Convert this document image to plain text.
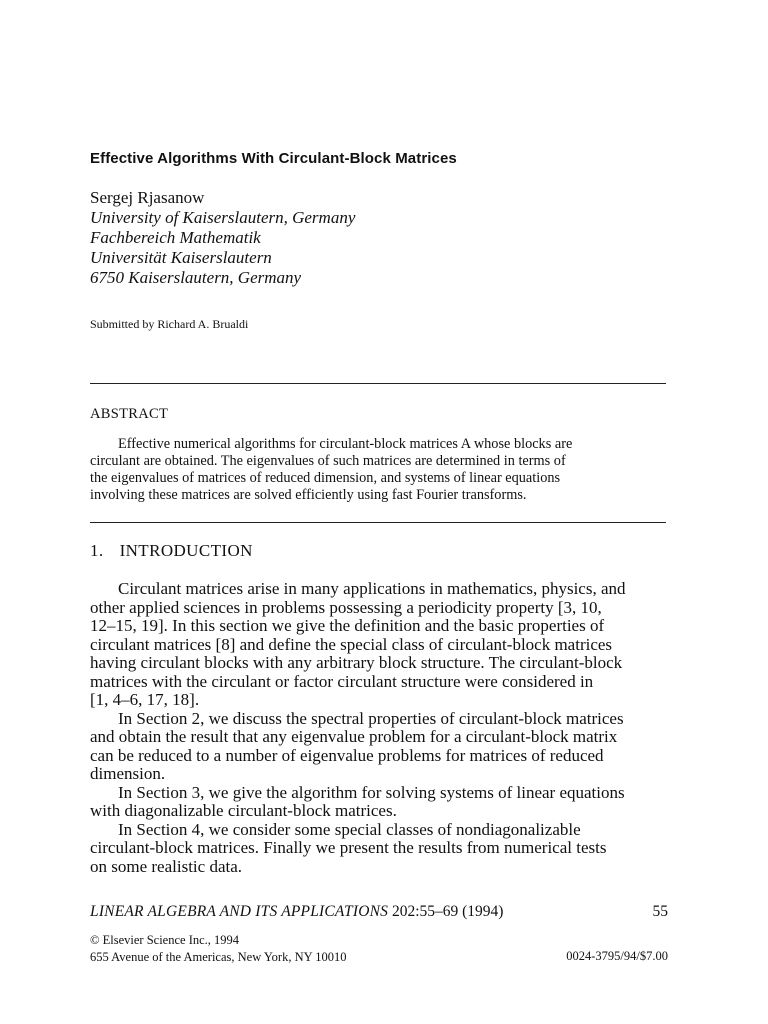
Effective Algorithms With Circulant-Block Matrices
Sergej Rjasanow
University of Kaiserslautern, Germany
Fachbereich Mathematik
Universität Kaiserslautern
6750 Kaiserslautern, Germany
Submitted by Richard A. Brualdi
ABSTRACT
Effective numerical algorithms for circulant-block matrices A whose blocks are
circulant are obtained. The eigenvalues of such matrices are determined in terms of
the eigenvalues of matrices of reduced dimension, and systems of linear equations
involving these matrices are solved efficiently using fast Fourier transforms.
1. INTRODUCTION
Circulant matrices arise in many applications in mathematics, physics, and
other applied sciences in problems possessing a periodicity property [3, 10,
12–15, 19]. In this section we give the definition and the basic properties of
circulant matrices [8] and define the special class of circulant-block matrices
having circulant blocks with any arbitrary block structure. The circulant-block
matrices with the circulant or factor circulant structure were considered in
[1, 4–6, 17, 18].
In Section 2, we discuss the spectral properties of circulant-block matrices
and obtain the result that any eigenvalue problem for a circulant-block matrix
can be reduced to a number of eigenvalue problems for matrices of reduced
dimension.
In Section 3, we give the algorithm for solving systems of linear equations
with diagonalizable circulant-block matrices.
In Section 4, we consider some special classes of nondiagonalizable
circulant-block matrices. Finally we present the results from numerical tests
on some realistic data.
LINEAR ALGEBRA AND ITS APPLICATIONS 202:55–69 (1994)	55
© Elsevier Science Inc., 1994
655 Avenue of the Americas, New York, NY 10010	0024-3795/94/$7.00
